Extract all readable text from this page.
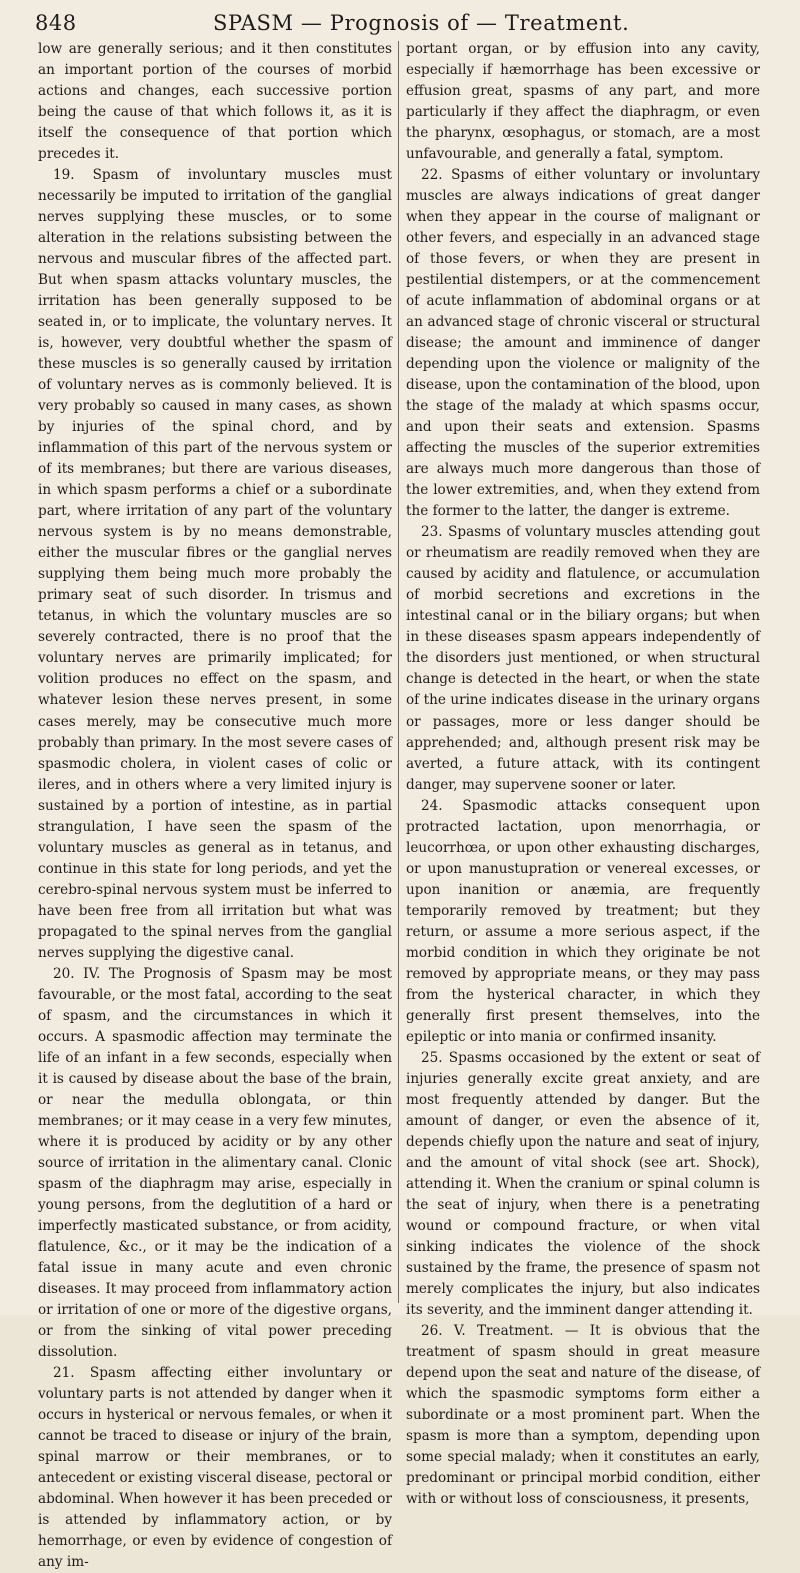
848	SPASM — Prognosis of — Treatment.

low are generally serious; and it then constitutes an important portion of the courses of morbid actions and changes, each successive portion being the cause of that which follows it, as it is itself the consequence of that portion which precedes it.

19. Spasm of involuntary muscles must necessarily be imputed to irritation of the ganglial nerves supplying these muscles, or to some alteration in the relations subsisting between the nervous and muscular fibres of the affected part. But when spasm attacks voluntary muscles, the irritation has been generally supposed to be seated in, or to implicate, the voluntary nerves. It is, however, very doubtful whether the spasm of these muscles is so generally caused by irritation of voluntary nerves as is commonly believed. It is very probably so caused in many cases, as shown by injuries of the spinal chord, and by inflammation of this part of the nervous system or of its membranes; but there are various diseases, in which spasm performs a chief or a subordinate part, where irritation of any part of the voluntary nervous system is by no means demonstrable, either the muscular fibres or the ganglial nerves supplying them being much more probably the primary seat of such disorder. In trismus and tetanus, in which the voluntary muscles are so severely contracted, there is no proof that the voluntary nerves are primarily implicated; for volition produces no effect on the spasm, and whatever lesion these nerves present, in some cases merely, may be consecutive much more probably than primary. In the most severe cases of spasmodic cholera, in violent cases of colic or ileres, and in others where a very limited injury is sustained by a portion of intestine, as in partial strangulation, I have seen the spasm of the voluntary muscles as general as in tetanus, and continue in this state for long periods, and yet the cerebro-spinal nervous system must be inferred to have been free from all irritation but what was propagated to the spinal nerves from the ganglial nerves supplying the digestive canal.

20. IV. The Prognosis of Spasm may be most favourable, or the most fatal, according to the seat of spasm, and the circumstances in which it occurs. A spasmodic affection may terminate the life of an infant in a few seconds, especially when it is caused by disease about the base of the brain, or near the medulla oblongata, or thin membranes; or it may cease in a very few minutes, where it is produced by acidity or by any other source of irritation in the alimentary canal. Clonic spasm of the diaphragm may arise, especially in young persons, from the deglutition of a hard or imperfectly masticated substance, or from acidity, flatulence, &c., or it may be the indication of a fatal issue in many acute and even chronic diseases. It may proceed from inflammatory action or irritation of one or more of the digestive organs, or from the sinking of vital power preceding dissolution.

21. Spasm affecting either involuntary or voluntary parts is not attended by danger when it occurs in hysterical or nervous females, or when it cannot be traced to disease or injury of the brain, spinal marrow or their membranes, or to antecedent or existing visceral disease, pectoral or abdominal. When however it has been preceded or is attended by inflammatory action, or by hemorrhage, or even by evidence of congestion of any im-

portant organ, or by effusion into any cavity, especially if hæmorrhage has been excessive or effusion great, spasms of any part, and more particularly if they affect the diaphragm, or even the pharynx, œsophagus, or stomach, are a most unfavourable, and generally a fatal, symptom.

22. Spasms of either voluntary or involuntary muscles are always indications of great danger when they appear in the course of malignant or other fevers, and especially in an advanced stage of those fevers, or when they are present in pestilential distempers, or at the commencement of acute inflammation of abdominal organs or at an advanced stage of chronic visceral or structural disease; the amount and imminence of danger depending upon the violence or malignity of the disease, upon the contamination of the blood, upon the stage of the malady at which spasms occur, and upon their seats and extension. Spasms affecting the muscles of the superior extremities are always much more dangerous than those of the lower extremities, and, when they extend from the former to the latter, the danger is extreme.

23. Spasms of voluntary muscles attending gout or rheumatism are readily removed when they are caused by acidity and flatulence, or accumulation of morbid secretions and excretions in the intestinal canal or in the biliary organs; but when in these diseases spasm appears independently of the disorders just mentioned, or when structural change is detected in the heart, or when the state of the urine indicates disease in the urinary organs or passages, more or less danger should be apprehended; and, although present risk may be averted, a future attack, with its contingent danger, may supervene sooner or later.

24. Spasmodic attacks consequent upon protracted lactation, upon menorrhagia, or leucorrhœa, or upon other exhausting discharges, or upon manustupration or venereal excesses, or upon inanition or anæmia, are frequently temporarily removed by treatment; but they return, or assume a more serious aspect, if the morbid condition in which they originate be not removed by appropriate means, or they may pass from the hysterical character, in which they generally first present themselves, into the epileptic or into mania or confirmed insanity.

25. Spasms occasioned by the extent or seat of injuries generally excite great anxiety, and are most frequently attended by danger. But the amount of danger, or even the absence of it, depends chiefly upon the nature and seat of injury, and the amount of vital shock (see art. Shock), attending it. When the cranium or spinal column is the seat of injury, when there is a penetrating wound or compound fracture, or when vital sinking indicates the violence of the shock sustained by the frame, the presence of spasm not merely complicates the injury, but also indicates its severity, and the imminent danger attending it.

26. V. Treatment. — It is obvious that the treatment of spasm should in great measure depend upon the seat and nature of the disease, of which the spasmodic symptoms form either a subordinate or a most prominent part. When the spasm is more than a symptom, depending upon some special malady; when it constitutes an early, predominant or principal morbid condition, either with or without loss of consciousness, it presents,
